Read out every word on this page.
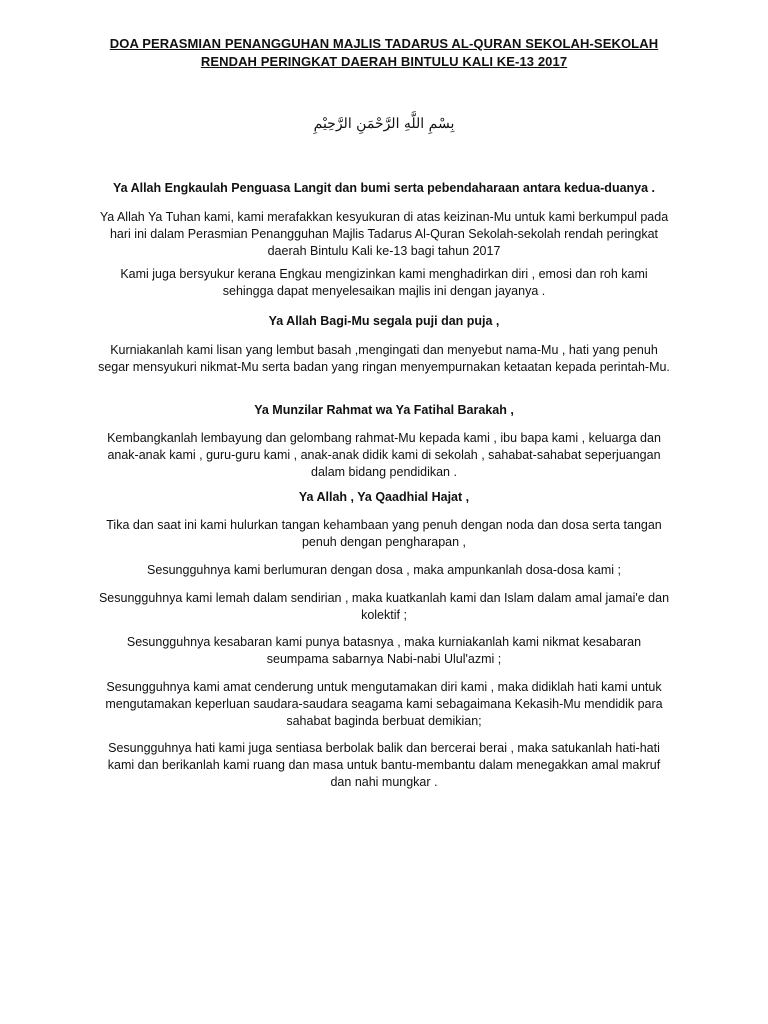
DOA PERASMIAN PENANGGUHAN MAJLIS TADARUS AL-QURAN SEKOLAH-SEKOLAH RENDAH PERINGKAT DAERAH BINTULU KALI KE-13 2017
بِسْمِ اللَّهِ الرَّحْمَنِ الرَّحِيْمِ
Ya Allah Engkaulah Penguasa Langit dan bumi serta pebendaharaan antara kedua-duanya .
Ya Allah Ya Tuhan kami, kami merafakkan kesyukuran di atas keizinan-Mu untuk kami berkumpul pada hari ini dalam Perasmian Penangguhan Majlis Tadarus Al-Quran Sekolah-sekolah rendah peringkat daerah Bintulu Kali ke-13 bagi tahun 2017
Kami juga bersyukur kerana Engkau mengizinkan kami menghadirkan diri , emosi dan roh kami sehingga dapat menyelesaikan majlis ini dengan jayanya .
Ya Allah Bagi-Mu segala puji dan puja ,
Kurniakanlah kami lisan yang lembut basah ,mengingati dan menyebut nama-Mu , hati yang penuh segar mensyukuri nikmat-Mu serta badan yang ringan menyempurnakan ketaatan kepada perintah-Mu.
Ya Munzilar Rahmat wa Ya Fatihal Barakah ,
Kembangkanlah lembayung dan gelombang rahmat-Mu kepada kami , ibu bapa kami , keluarga dan anak-anak kami , guru-guru kami , anak-anak didik kami di sekolah , sahabat-sahabat seperjuangan dalam bidang pendidikan .
Ya Allah , Ya Qaadhial Hajat ,
Tika dan saat ini kami hulurkan tangan kehambaan yang penuh dengan noda dan dosa serta tangan penuh dengan pengharapan ,
Sesungguhnya kami berlumuran dengan dosa , maka ampunkanlah dosa-dosa kami ;
Sesungguhnya kami lemah dalam sendirian , maka kuatkanlah kami dan Islam dalam amal jamai'e dan kolektif ;
Sesungguhnya kesabaran kami punya batasnya , maka kurniakanlah kami nikmat kesabaran seumpama sabarnya Nabi-nabi Ulul'azmi ;
Sesungguhnya kami amat cenderung untuk mengutamakan diri kami , maka didiklah hati kami untuk mengutamakan keperluan saudara-saudara seagama kami sebagaimana Kekasih-Mu mendidik para sahabat baginda berbuat demikian;
Sesungguhnya hati kami juga sentiasa berbolak balik dan bercerai berai , maka satukanlah hati-hati kami dan berikanlah kami ruang dan masa untuk bantu-membantu dalam menegakkan amal makruf dan nahi mungkar .
